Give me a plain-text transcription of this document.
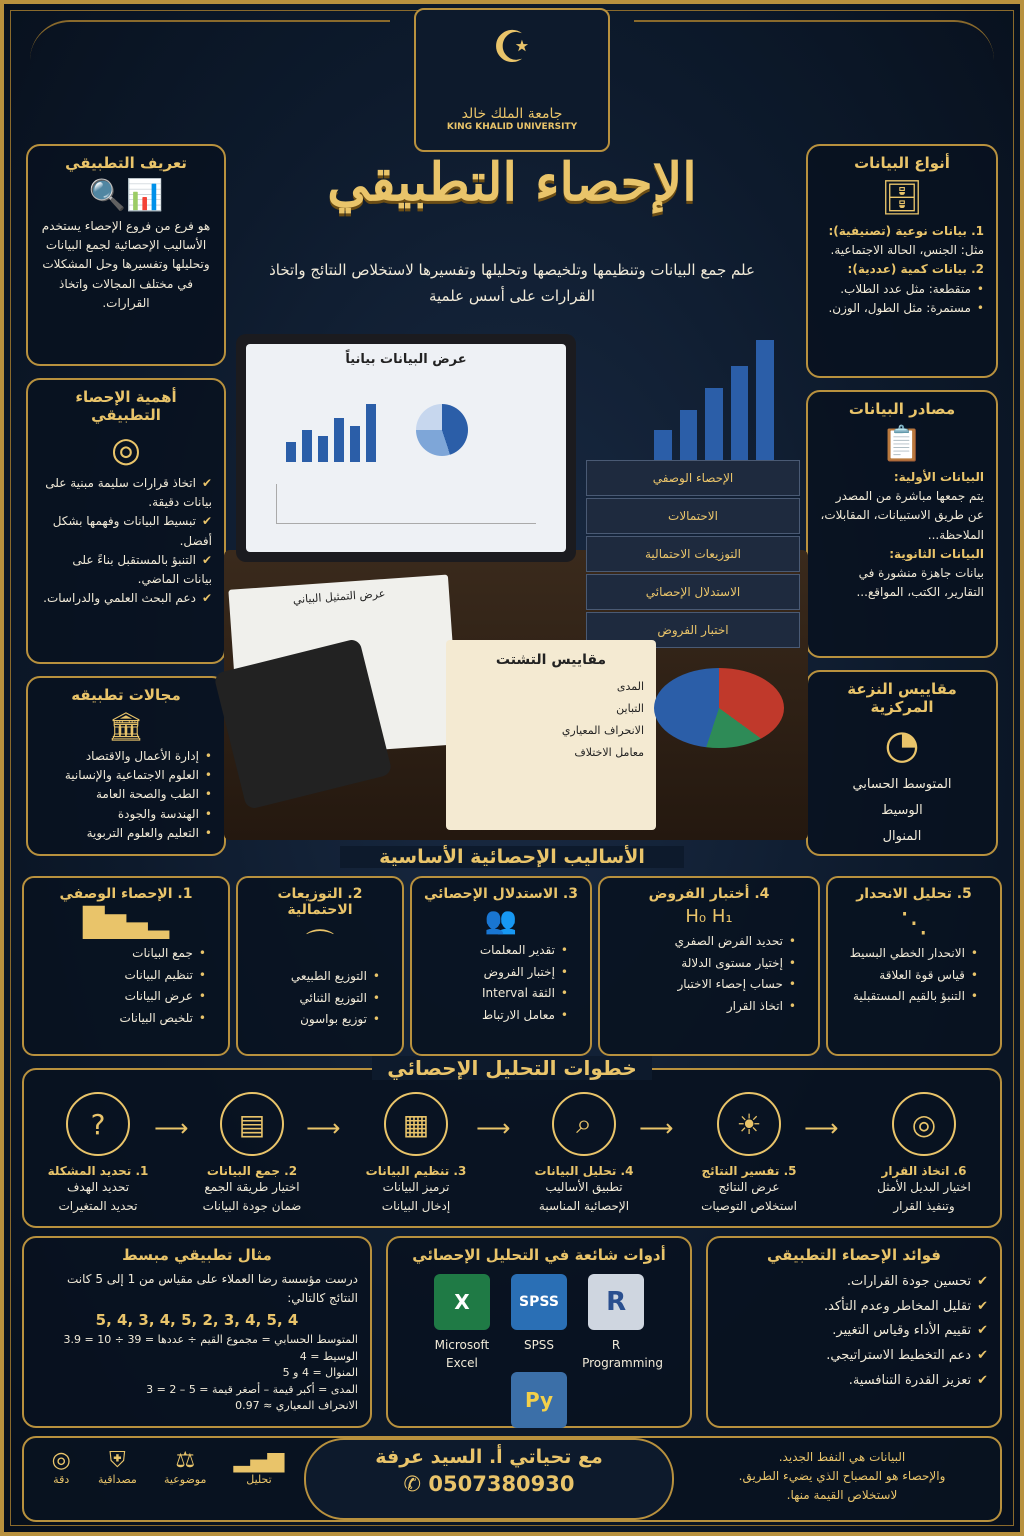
☪
جامعة الملك خالد
KING KHALID UNIVERSITY
الإحصاء التطبيقي
علم جمع البيانات وتنظيمها وتلخيصها وتحليلها وتفسيرها لاستخلاص النتائج واتخاذ القرارات على أسس علمية
تعريف التطبيقي
📊🔍

هو فرع من فروع الإحصاء يستخدم الأساليب الإحصائية لجمع البيانات وتحليلها وتفسيرها وحل المشكلات في مختلف المجالات واتخاذ القرارات.

أهمية الإحصاء التطبيقي
◎
✔ اتخاذ قرارات سليمة مبنية على بيانات دقيقة.
✔ تبسيط البيانات وفهمها بشكل أفضل.
✔ التنبؤ بالمستقبل بناءً على بيانات الماضي.
✔ دعم البحث العلمي والدراسات.
مجالات تطبيقه
🏛
• إدارة الأعمال والاقتصاد
• العلوم الاجتماعية والإنسانية
• الطب والصحة العامة
• الهندسة والجودة
• التعليم والعلوم التربوية
أنواع البيانات
🗄

1. بيانات نوعية (تصنيفية):

مثل: الجنس، الحالة الاجتماعية.

2. بيانات كمية (عددية):

• متقطعة: مثل عدد الطلاب.
• مستمرة: مثل الطول، الوزن.
مصادر البيانات
📋

البيانات الأولية:

يتم جمعها مباشرة من المصدر عن طريق الاستبيانات، المقابلات، الملاحظة...

البيانات الثانوية:

بيانات جاهزة منشورة في التقارير، الكتب، المواقع...

مقاييس النزعة المركزية
◔

المتوسط الحسابي

الوسيط

المنوال

عرض البيانات بيانياً
الإحصاء الوصفي
الاحتمالات
التوزيعات الاحتمالية
الاستدلال الإحصائي
اختبار الفروض
عرض التمثيل البياني
مقاييس التشتت
المدى
التباين
الانحراف المعياري
معامل الاختلاف
الأساليب الإحصائية الأساسية
5. تحليل الانحدار
⋰
• الانحدار الخطي البسيط
• قياس قوة العلاقة
• التنبؤ بالقيم المستقبلية
4. أختبار الفروض
H₀ H₁
• تحديد الفرض الصفري
• إختيار مستوى الدلالة
• حساب إحصاء الاختبار
• اتخاذ القرار
3. الاستدلال الإحصائي
👥
• تقدير المعلمات
• إختبار الفروض
• الثقة Interval
• معامل الارتباط
2. التوزيعات الاحتمالية
⌒
• التوزيع الطبيعي
• التوزيع الثنائي
• توزيع بواسون
1. الإحصاء الوصفي
▂▄▆█
• جمع البيانات
• تنظيم البيانات
• عرض البيانات
• تلخيص البيانات
◎
6. اتخاذ القرار
اختيار البديل الأمثل
وتنفيذ القرار
⟶
☀
5. تفسير النتائج
عرض النتائج
استخلاص التوصيات
⟶
⌕
4. تحليل البيانات
تطبيق الأساليب
الإحصائية المناسبة
⟶
▦
3. تنظيم البيانات
ترميز البيانات
إدخال البيانات
⟶
▤
2. جمع البيانات
اختيار طريقة الجمع
ضمان جودة البيانات
⟶
?
1. تحديد المشكلة
تحديد الهدف
تحديد المتغيرات
خطوات التحليل الإحصائي
مثال تطبيقي مبسط

درست مؤسسة رضا العملاء على مقياس من 1 إلى 5 كانت النتائج كالتالي:

5, 4, 3, 4, 5, 2, 3, 4, 5, 4

المتوسط الحسابي = مجموع القيم ÷ عددها = 39 ÷ 10 = 3.9

الوسيط = 4

المنوال = 4 و 5

المدى = أكبر قيمة – أصغر قيمة = 5 – 2 = 3

الانحراف المعياري ≈ 0.97

أدوات شائعة في التحليل الإحصائي
X
Microsoft Excel

SPSS
SPSS

R
R Programming

Py
فوائد الإحصاء التطبيقي
✔ تحسين جودة القرارات.
✔ تقليل المخاطر وعدم التأكد.
✔ تقييم الأداء وقياس التغيير.
✔ دعم التخطيط الاستراتيجي.
✔ تعزيز القدرة التنافسية.
البيانات هي النفط الجديد.
والإحصاء هو المصباح الذي يضيء الطريق.
لاستخلاص القيمة منها.
مع تحياتي أ. السيد عرفة
✆ 0507380930
◎
دقة
⛨
مصداقية
⚖
موضوعية
▂▄▆
تحليل
